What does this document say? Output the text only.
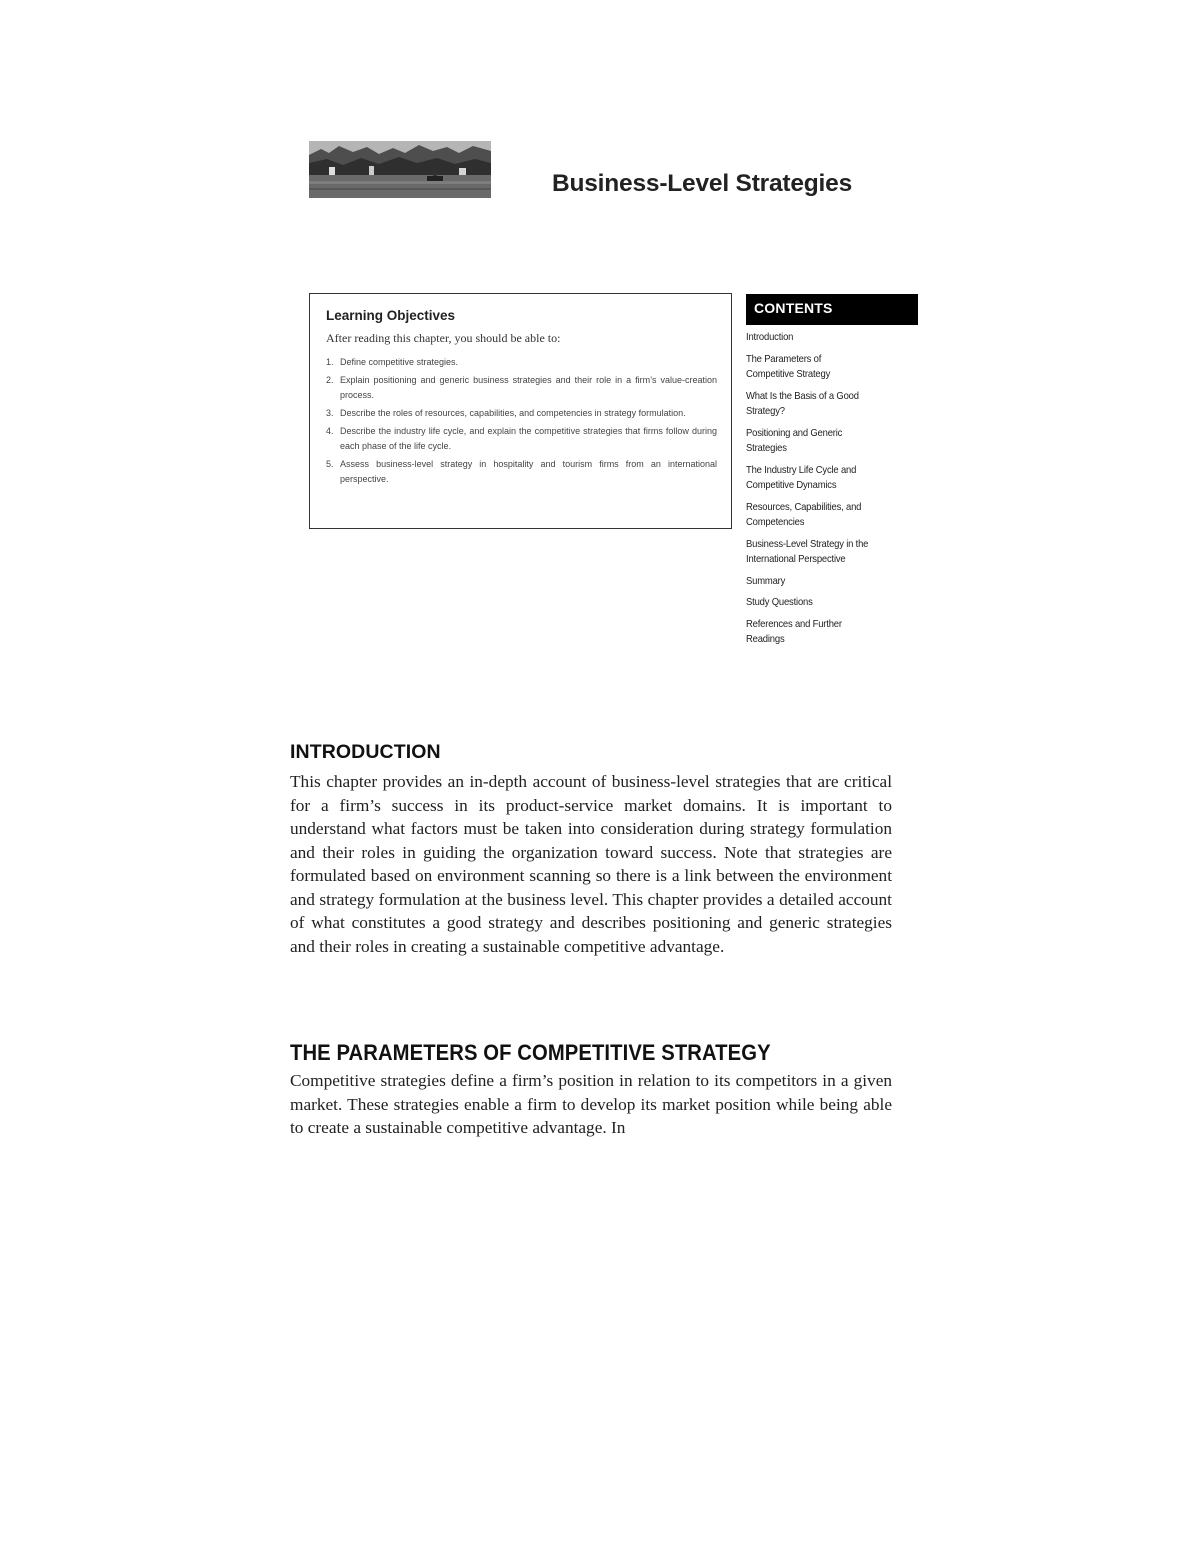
Business-Level Strategies
Learning Objectives
After reading this chapter, you should be able to:
1. Define competitive strategies.
2. Explain positioning and generic business strategies and their role in a firm’s value-creation process.
3. Describe the roles of resources, capabilities, and competencies in strategy formulation.
4. Describe the industry life cycle, and explain the competitive strategies that firms follow during each phase of the life cycle.
5. Assess business-level strategy in hospitality and tourism firms from an international perspective.
CONTENTS
Introduction
The Parameters of Competitive Strategy
What Is the Basis of a Good Strategy?
Positioning and Generic Strategies
The Industry Life Cycle and Competitive Dynamics
Resources, Capabilities, and Competencies
Business-Level Strategy in the International Perspective
Summary
Study Questions
References and Further Readings
INTRODUCTION

This chapter provides an in-depth account of business-level strategies that are critical for a firm’s success in its product-service market domains. It is important to understand what factors must be taken into consideration during strategy formulation and their roles in guiding the organization toward success. Note that strategies are formulated based on environment scanning so there is a link between the environment and strategy formulation at the business level. This chapter provides a detailed account of what constitutes a good strategy and describes positioning and generic strategies and their roles in creating a sustainable competitive advantage.

THE PARAMETERS OF COMPETITIVE STRATEGY

Competitive strategies define a firm’s position in relation to its competitors in a given market. These strategies enable a firm to develop its market position while being able to create a sustainable competitive advantage. In
